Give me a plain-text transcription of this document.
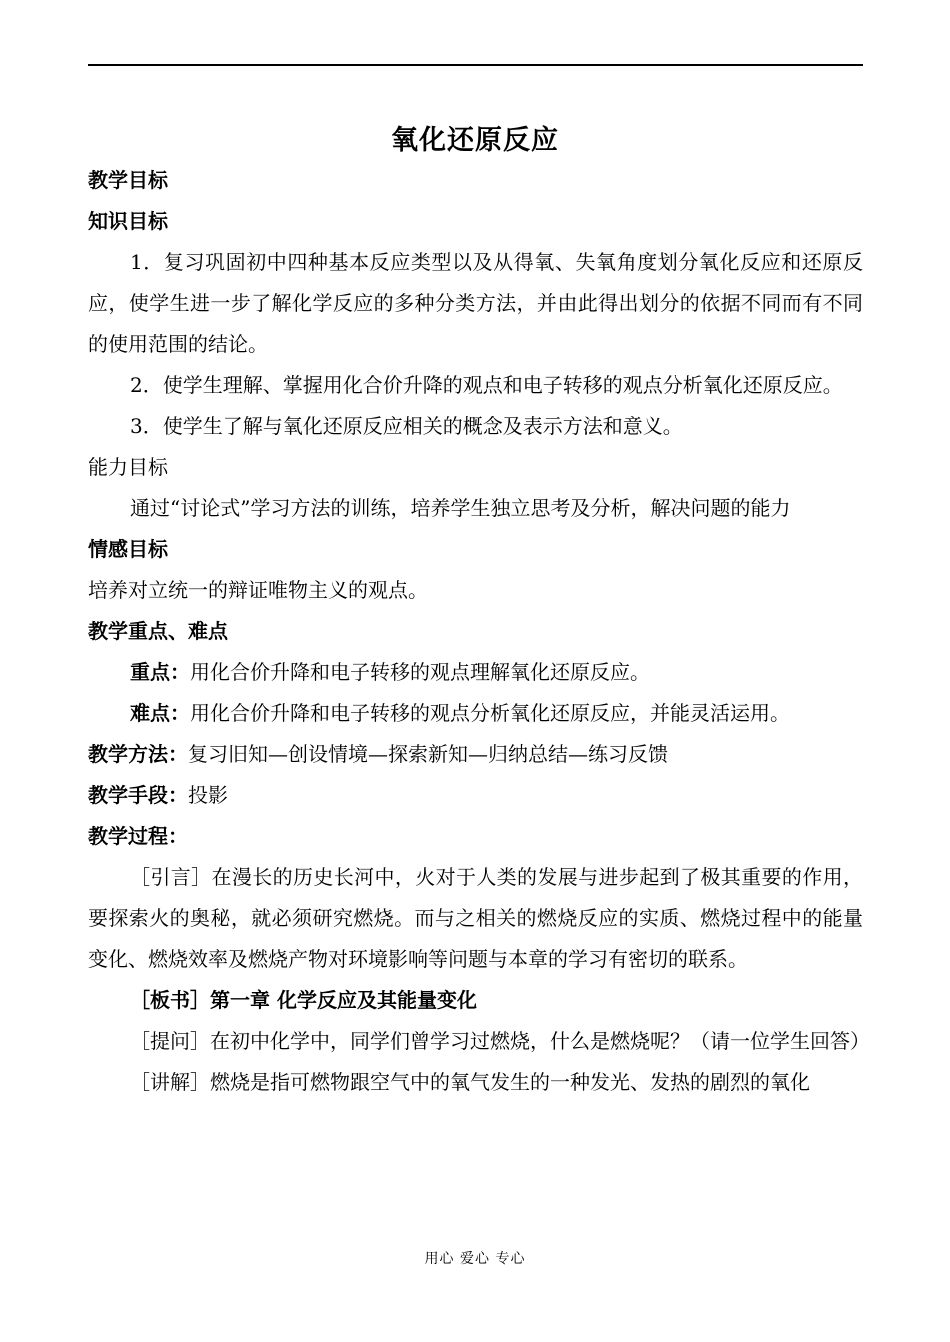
氧化还原反应
教学目标
知识目标
1．复习巩固初中四种基本反应类型以及从得氧、失氧角度划分氧化反应和还原反应，使学生进一步了解化学反应的多种分类方法，并由此得出划分的依据不同而有不同的使用范围的结论。
2．使学生理解、掌握用化合价升降的观点和电子转移的观点分析氧化还原反应。
3．使学生了解与氧化还原反应相关的概念及表示方法和意义。
能力目标
通过“讨论式”学习方法的训练，培养学生独立思考及分析，解决问题的能力
情感目标
培养对立统一的辩证唯物主义的观点。
教学重点、难点
重点：用化合价升降和电子转移的观点理解氧化还原反应。
难点：用化合价升降和电子转移的观点分析氧化还原反应，并能灵活运用。
教学方法：复习旧知—创设情境—探索新知—归纳总结—练习反馈
教学手段：投影
教学过程：
［引言］在漫长的历史长河中，火对于人类的发展与进步起到了极其重要的作用，要探索火的奥秘，就必须研究燃烧。而与之相关的燃烧反应的实质、燃烧过程中的能量变化、燃烧效率及燃烧产物对环境影响等问题与本章的学习有密切的联系。
［板书］第一章 化学反应及其能量变化
［提问］在初中化学中，同学们曾学习过燃烧，什么是燃烧呢？（请一位学生回答）
［讲解］燃烧是指可燃物跟空气中的氧气发生的一种发光、发热的剧烈的氧化
用心 爱心 专心
